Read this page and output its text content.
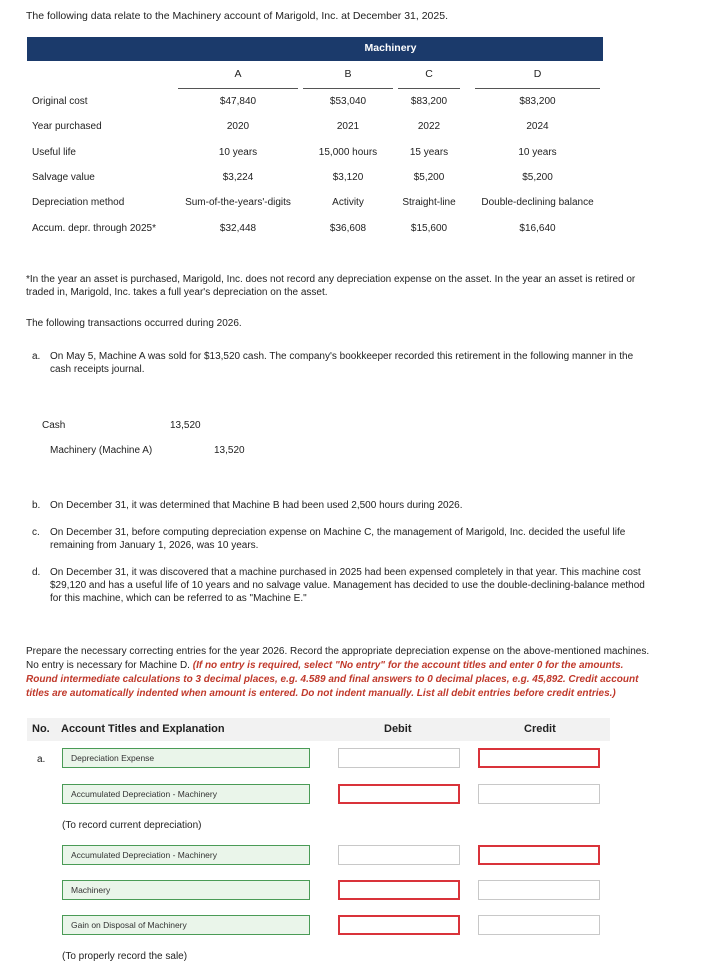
The following data relate to the Machinery account of Marigold, Inc. at December 31, 2025.
Machinery
A	B	C	D
Original cost	$47,840	$53,040	$83,200	$83,200
Year purchased	2020	2021	2022	2024
Useful life	10 years	15,000 hours	15 years	10 years
Salvage value	$3,224	$3,120	$5,200	$5,200
Depreciation method	Sum-of-the-years'-digits	Activity	Straight-line	Double-declining balance
Accum. depr. through 2025*	$32,448	$36,608	$15,600	$16,640
*In the year an asset is purchased, Marigold, Inc. does not record any depreciation expense on the asset. In the year an asset is retired or traded in, Marigold, Inc. takes a full year's depreciation on the asset.
The following transactions occurred during 2026.
a. On May 5, Machine A was sold for $13,520 cash. The company's bookkeeper recorded this retirement in the following manner in the cash receipts journal.
Cash	13,520
Machinery (Machine A)	13,520
b. On December 31, it was determined that Machine B had been used 2,500 hours during 2026.
c. On December 31, before computing depreciation expense on Machine C, the management of Marigold, Inc. decided the useful life remaining from January 1, 2026, was 10 years.
d. On December 31, it was discovered that a machine purchased in 2025 had been expensed completely in that year. This machine cost $29,120 and has a useful life of 10 years and no salvage value. Management has decided to use the double-declining-balance method for this machine, which can be referred to as "Machine E."
Prepare the necessary correcting entries for the year 2026. Record the appropriate depreciation expense on the above-mentioned machines. No entry is necessary for Machine D. (If no entry is required, select "No entry" for the account titles and enter 0 for the amounts. Round intermediate calculations to 3 decimal places, e.g. 4.589 and final answers to 0 decimal places, e.g. 45,892. Credit account titles are automatically indented when amount is entered. Do not indent manually. List all debit entries before credit entries.)
No. Account Titles and Explanation	Debit	Credit
a.	Depreciation Expense
Accumulated Depreciation - Machinery
(To record current depreciation)
Accumulated Depreciation - Machinery
Machinery
Gain on Disposal of Machinery
(To properly record the sale)
